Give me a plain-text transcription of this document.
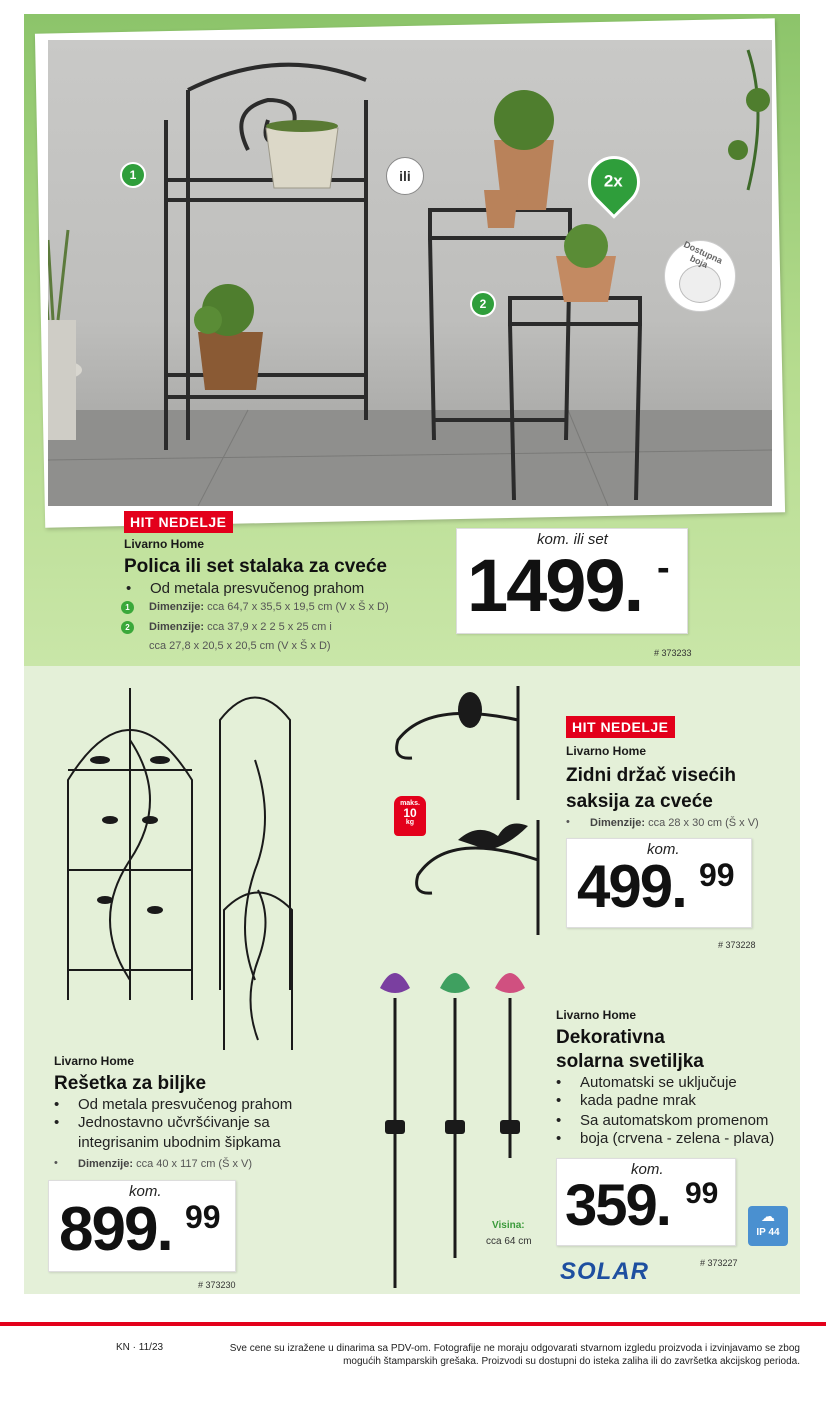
1
2
ili	2x
Dostupna boja
HIT NEDELJE
Livarno Home
Polica ili set stalaka za cveće
• Od metala presvučenog prahom
1	Dimenzije: cca 64,7 x 35,5 x 19,5 cm (V x Š x D)
2	Dimenzije: cca 37,9 x 2 2 5 x 25 cm i
cca 27,8 x 20,5 x 20,5 cm (V x Š x D)
kom. ili set
1499. -
# 373233
maks.
10
kg
HIT NEDELJE
Livarno Home
Zidni držač visećih
saksija za cveće
• Dimenzije: cca 28 x 30 cm (Š x V)
kom.
499. 99
# 373228
Visina:
cca 64 cm
Livarno Home
Dekorativna
solarna svetiljka
• Automatski se uključuje
• kada padne mrak
• Sa automatskom promenom
• boja (crvena - zelena - plava)
kom.
359. 99
SOLAR	# 373227
☁
IP 44
Livarno Home
Rešetka za biljke
• Od metala presvučenog prahom
• Jednostavno učvršćivanje sa
integrisanim ubodnim šipkama
• Dimenzije: cca 40 x 117 cm (Š x V)
kom.
899. 99
# 373230
KN · 11/23	Sve cene su izražene u dinarima sa PDV-om. Fotografije ne moraju odgovarati stvarnom izgledu proizvoda i izvinjavamo se zbog
mogućih štamparskih grešaka. Proizvodi su dostupni do isteka zaliha ili do završetka akcijskog perioda.
